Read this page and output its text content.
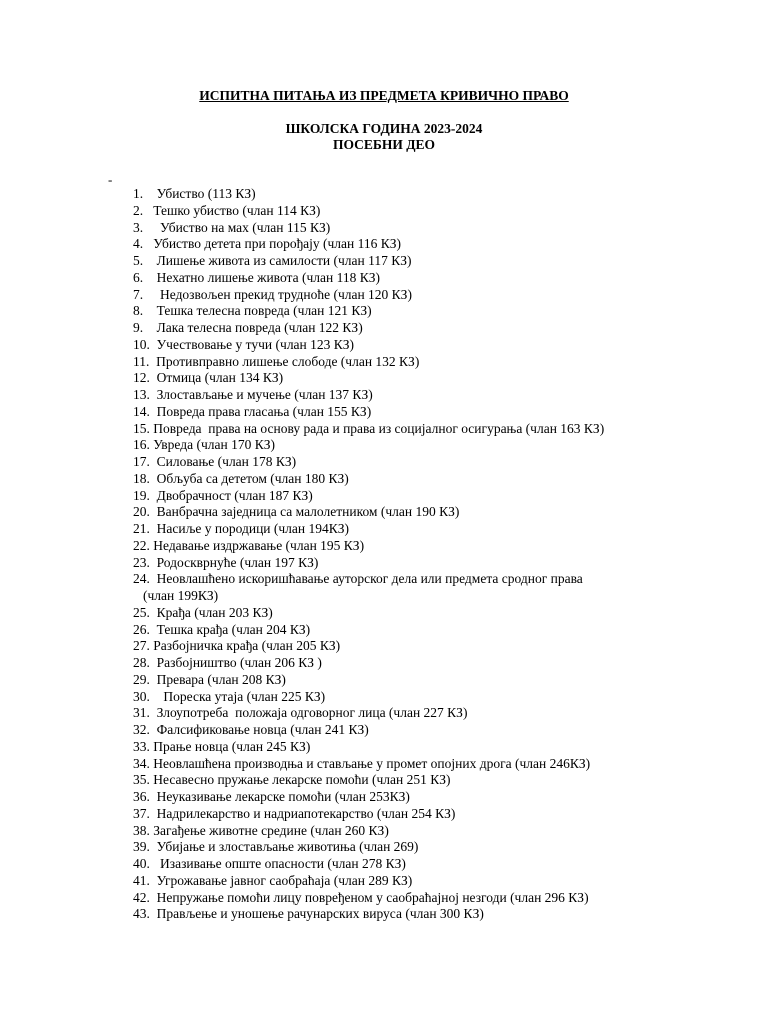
ИСПИТНА ПИТАЊА ИЗ ПРЕДМЕТА КРИВИЧНО ПРАВО
ШКОЛСКА ГОДИНА 2023-2024
ПОСЕБНИ ДЕО
-
1.    Убиство (113 КЗ)
2.   Тешко убиство (члан 114 КЗ)
3.     Убиство на мах (члан 115 КЗ)
4.   Убиство детета при порођају (члан 116 КЗ)
5.    Лишење живота из самилости (члан 117 КЗ)
6.    Нехатно лишење живота (члан 118 КЗ)
7.     Недозвољен прекид трудноће (члан 120 КЗ)
8.    Тешка телесна повреда (члан 121 КЗ)
9.    Лака телесна повреда (члан 122 КЗ)
10.  Учествовање у тучи (члан 123 КЗ)
11.  Противправно лишење слободе (члан 132 КЗ)
12.  Отмица (члан 134 КЗ)
13.  Злостављање и мучење (члан 137 КЗ)
14.  Повреда права гласања (члан 155 КЗ)
15. Повреда  права на основу рада и права из социјалног осигурања (члан 163 КЗ)
16. Увреда (члан 170 КЗ)
17.  Силовање (члан 178 КЗ)
18.  Обљуба са дететом (члан 180 КЗ)
19.  Двобрачност (члан 187 КЗ)
20.  Ванбрачна заједница са малолетником (члан 190 КЗ)
21.  Насиље у породици (члан 194КЗ)
22. Недавање издржавање (члан 195 КЗ)
23.  Родоскврнуће (члан 197 КЗ)
24.  Неовлашћено искоришћавање ауторског дела или предмета сродног права
(члан 199КЗ)
25.  Крађа (члан 203 КЗ)
26.  Тешка крађа (члан 204 КЗ)
27. Разбојничка крађа (члан 205 КЗ)
28.  Разбојништво (члан 206 КЗ )
29.  Превара (члан 208 КЗ)
30.    Пореска утаја (члан 225 КЗ)
31.  Злоупотреба  положаја одговорног лица (члан 227 КЗ)
32.  Фалсификовање новца (члан 241 КЗ)
33. Прање новца (члан 245 КЗ)
34. Неовлашћена производња и стављање у промет опојних дрога (члан 246КЗ)
35. Несавесно пружање лекарске помоћи (члан 251 КЗ)
36.  Неуказивање лекарске помоћи (члан 253КЗ)
37.  Надрилекарство и надриапотекарство (члан 254 КЗ)
38. Загађење животне средине (члан 260 КЗ)
39.  Убијање и злостављање животиња (члан 269)
40.   Изазивање опште опасности (члан 278 КЗ)
41.  Угрожавање јавног саобраћаја (члан 289 КЗ)
42.  Непружање помоћи лицу повређеном у саобраћајној незгоди (члан 296 КЗ)
43.  Прављење и уношење рачунарских вируса (члан 300 КЗ)
